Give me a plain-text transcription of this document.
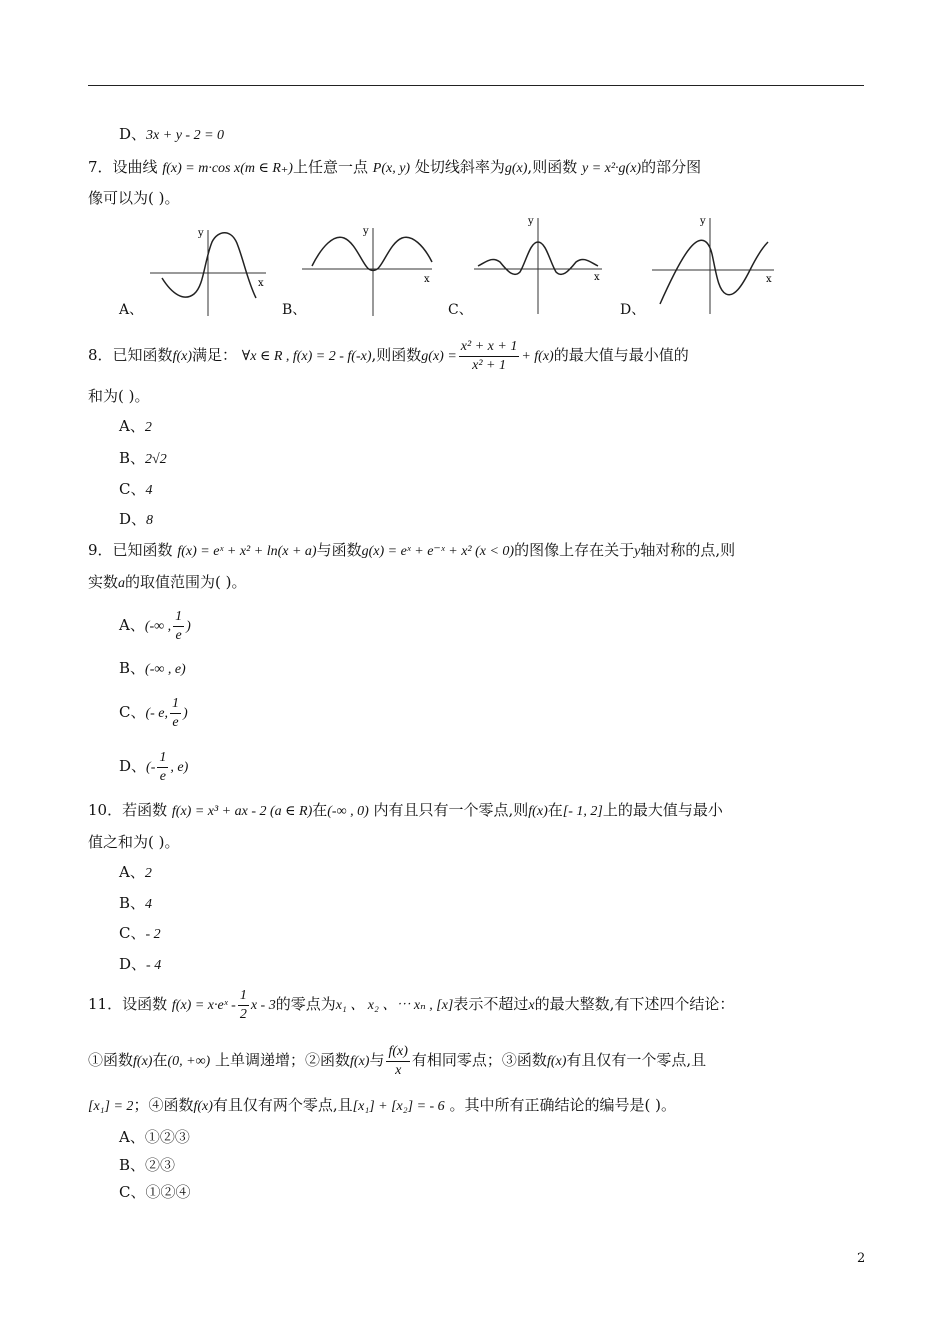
D、3x + y - 2 = 0
7．设曲线 f(x) = m·cos x(m ∈ R₊)上任意一点 P(x, y) 处切线斜率为g(x),则函数 y = x²·g(x)的部分图
像可以为( )。
x
y
A、
x
y
B、
x
y
C、
x
y
D、
8．已知函数f(x)满足： ∀x ∈ R , f(x) = 2 - f(-x),则函数$g(x) = \frac{\text{x² + x + 1}}{\text{x² + 1}} + f(x)$的最大值与最小值的
和为( )。
A、2
B、2√2
C、4
D、8
9．已知函数 f(x) = eˣ + x² + ln(x + a)与函数g(x) = eˣ + e⁻ˣ + x² (x < 0)的图像上存在关于y轴对称的点,则
实数a的取值范围为( )。
A、(-∞ , $\frac{1}{e}$ )
B、(-∞ , e)
C、(- e, $\frac{1}{e}$ )
D、(- $\frac{1}{e}$ , e)
10．若函数 f(x) = x³ + ax - 2 (a ∈ R)在(-∞ , 0) 内有且只有一个零点,则f(x)在[- 1, 2]上的最大值与最小
值之和为( )。
A、2
B、4
C、- 2
D、- 4
11．设函数 f(x) = x·eˣ - $\frac{1}{2}$ x - 3的零点为x₁ 、 x₂ 、⋯ xₙ , [x]表示不超过x的最大整数,有下述四个结论：
①函数f(x)在(0, +∞) 上单调递增；②函数f(x)与 $\frac{f(x)}{x}$ 有相同零点；③函数f(x)有且仅有一个零点,且
[x₁] = 2；④函数f(x)有且仅有两个零点,且[x₁] + [x₂] = - 6 。其中所有正确结论的编号是( )。
A、①②③
B、②③
C、①②④
2
